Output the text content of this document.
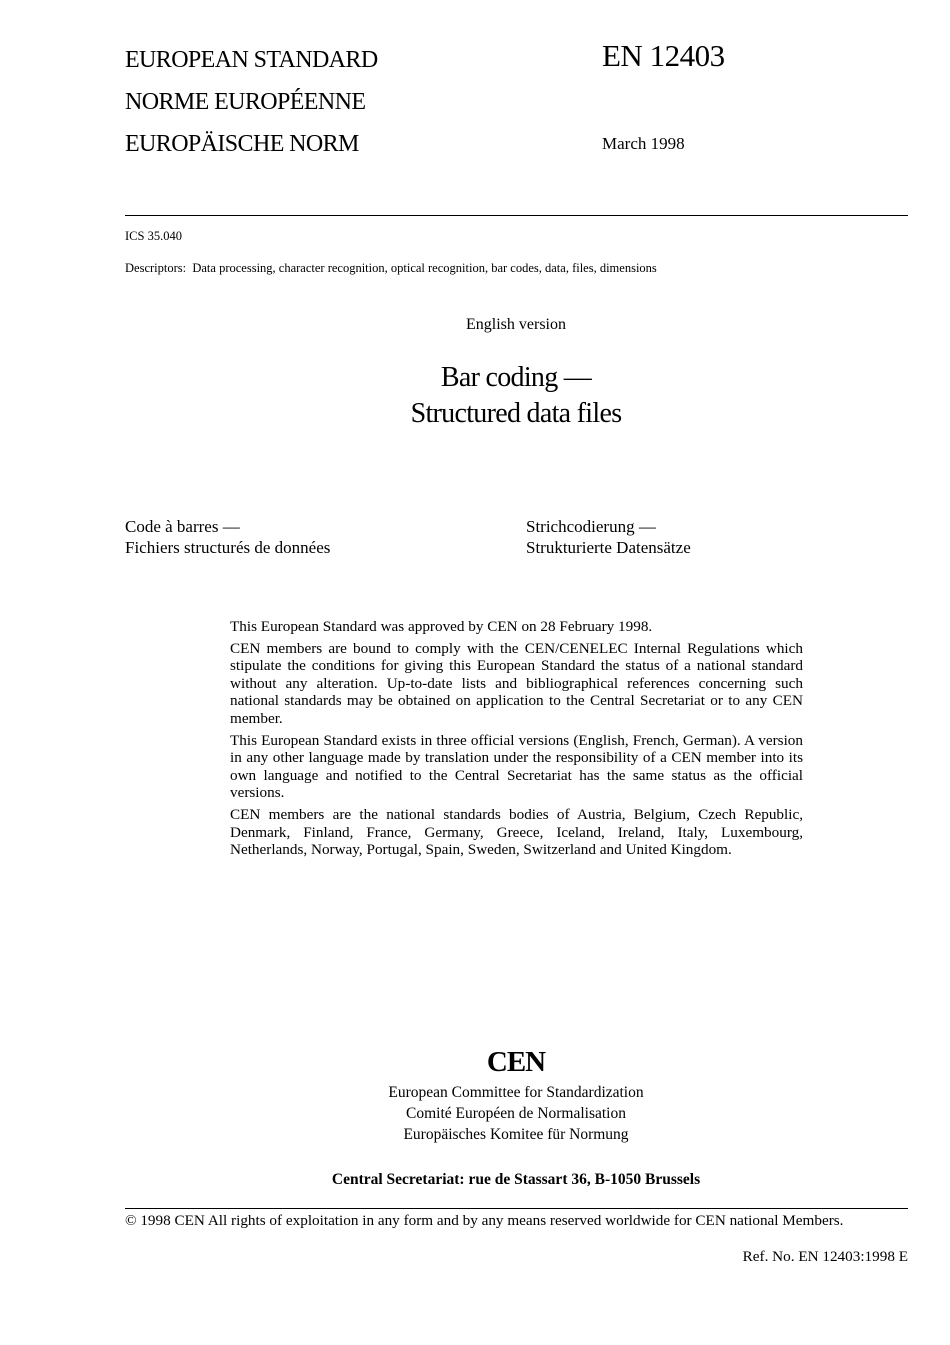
EUROPEAN STANDARD
NORME EUROPÉENNE
EUROPÄISCHE NORM
EN 12403
March 1998
ICS 35.040
Descriptors: Data processing, character recognition, optical recognition, bar codes, data, files, dimensions
English version
Bar coding —
Structured data files
Code à barres —
Fichiers structurés de données
Strichcodierung —
Strukturierte Datensätze

This European Standard was approved by CEN on 28 February 1998.

CEN members are bound to comply with the CEN/CENELEC Internal Regulations which stipulate the conditions for giving this European Standard the status of a national standard without any alteration. Up-to-date lists and bibliographical references concerning such national standards may be obtained on application to the Central Secretariat or to any CEN member.

This European Standard exists in three official versions (English, French, German). A version in any other language made by translation under the responsibility of a CEN member into its own language and notified to the Central Secretariat has the same status as the official versions.

CEN members are the national standards bodies of Austria, Belgium, Czech Republic, Denmark, Finland, France, Germany, Greece, Iceland, Ireland, Italy, Luxembourg, Netherlands, Norway, Portugal, Spain, Sweden, Switzerland and United Kingdom.

CEN
European Committee for Standardization
Comité Européen de Normalisation
Europäisches Komitee für Normung
Central Secretariat: rue de Stassart 36, B-1050 Brussels
© 1998 CEN All rights of exploitation in any form and by any means reserved worldwide for CEN national Members.
Ref. No. EN 12403:1998 E
